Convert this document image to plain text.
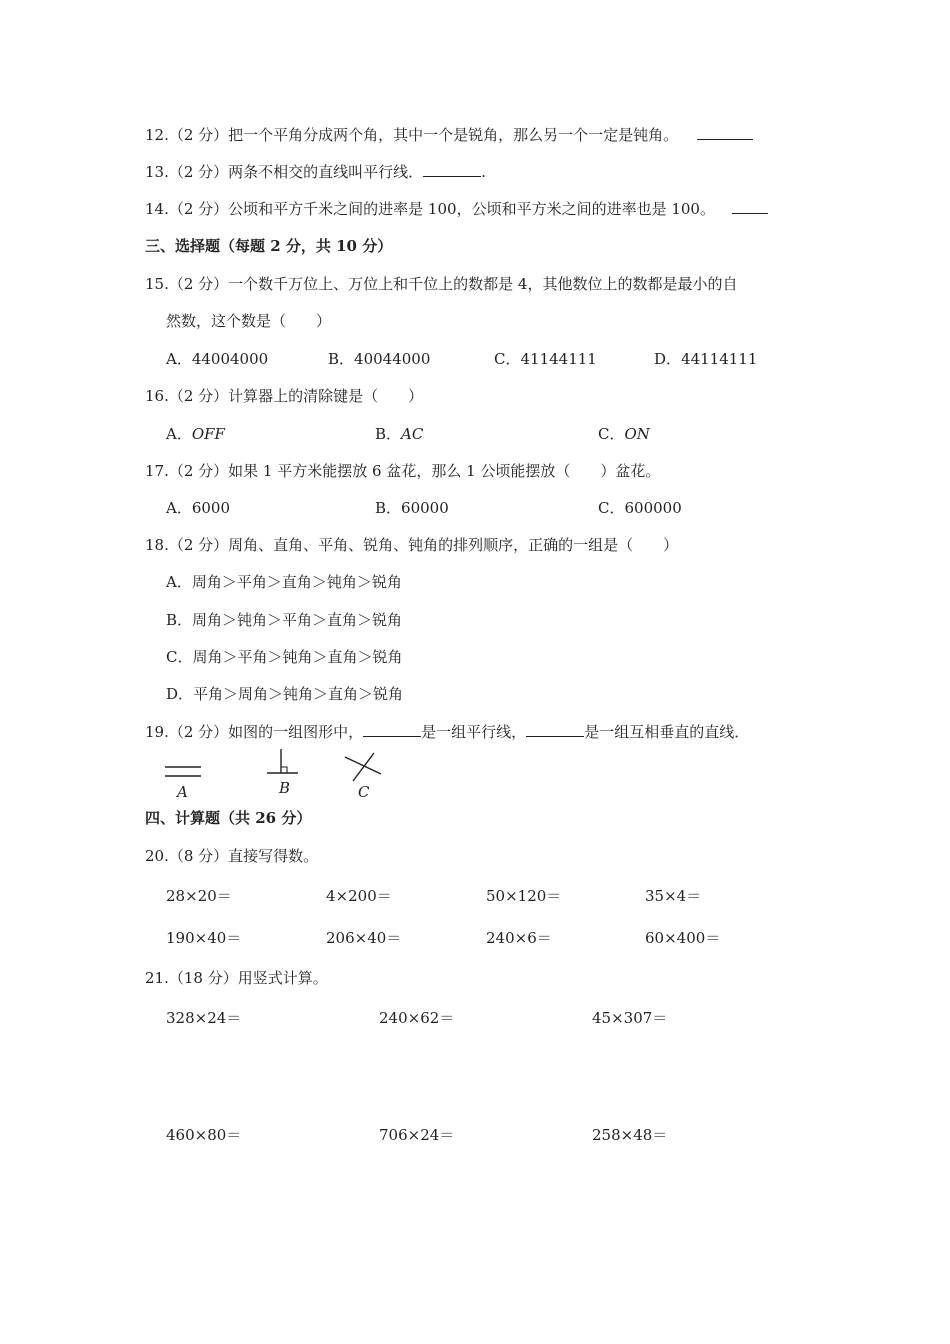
12.（2 分）把一个平角分成两个角，其中一个是锐角，那么另一个一定是钝角。
13.（2 分）两条不相交的直线叫平行线．	.
14.（2 分）公顷和平方千米之间的进率是 100，公顷和平方米之间的进率也是 100。
三、选择题（每题 2 分，共 10 分）
15.（2 分）一个数千万位上、万位上和千位上的数都是 4，其他数位上的数都是最小的自
然数，这个数是（　　）
A．44004000	B．40044000	C．41144111	D．44114111
16.（2 分）计算器上的清除键是（　　）
A．OFF	B．AC	C．ON
17.（2 分）如果 1 平方米能摆放 6 盆花，那么 1 公顷能摆放（　　）盆花。
A．6000	B．60000	C．600000
18.（2 分）周角、直角、平角、锐角、钝角的排列顺序，正确的一组是（　　）
A．周角＞平角＞直角＞钝角＞锐角
B．周角＞钝角＞平角＞直角＞锐角
C．周角＞平角＞钝角＞直角＞锐角
D．平角＞周角＞钝角＞直角＞锐角
19.（2 分）如图的一组图形中，	是一组平行线，	是一组互相垂直的直线．
A	B	C
四、计算题（共 26 分）
20.（8 分）直接写得数。
28×20＝	4×200＝	50×120＝	35×4＝
190×40＝	206×40＝	240×6＝	60×400＝
21.（18 分）用竖式计算。
328×24＝	240×62＝	45×307＝
460×80＝	706×24＝	258×48＝
